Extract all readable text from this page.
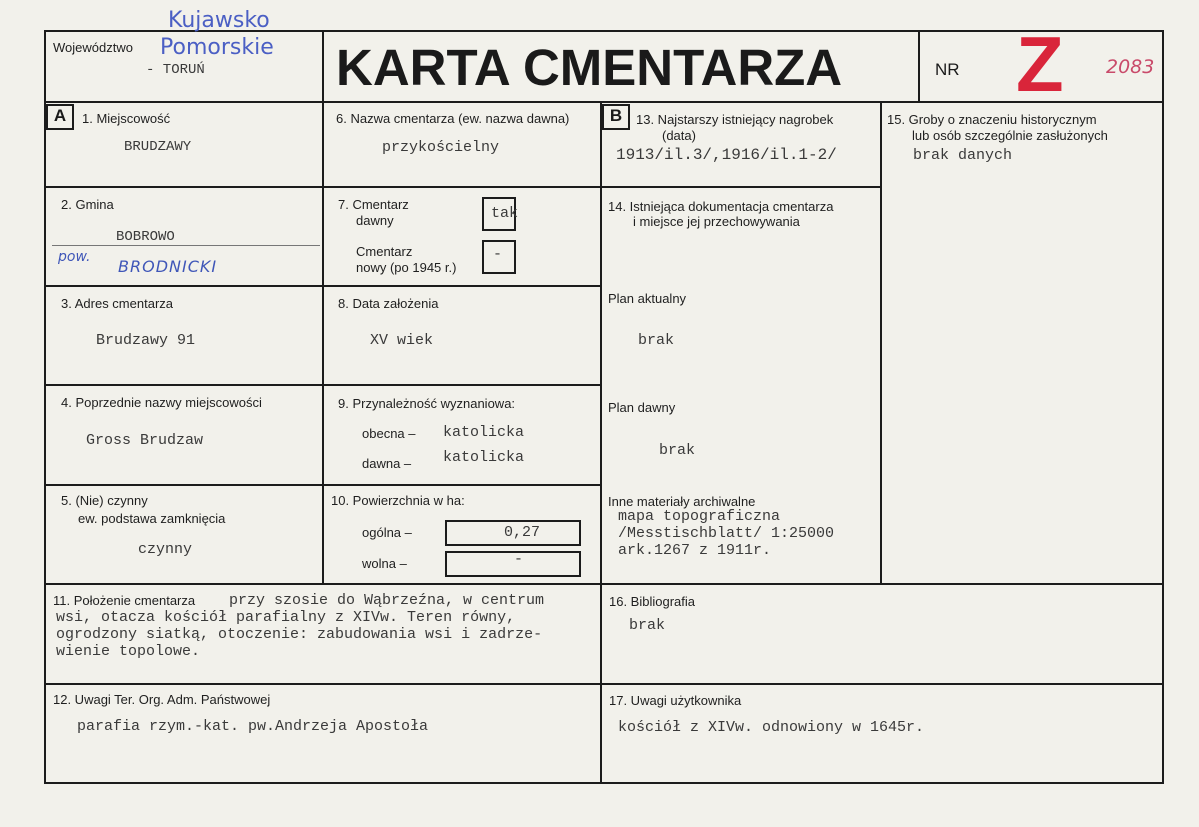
Województwo
Kujawsko
Pomorskie
- TORUŃ	KARTA CMENTARZA	NR Z 2083
A	B
1. Miejscowość
BRUDZAWY
2. Gmina
BOBROWO
pow. BRODNICKI
3. Adres cmentarza
Brudzawy 91
4. Poprzednie nazwy miejscowości
Gross Brudzaw
5. (Nie) czynny
ew. podstawa zamknięcia
czynny
6. Nazwa cmentarza (ew. nazwa dawna)
przykościelny
7. Cmentarz
dawny	tak
Cmentarz
nowy (po 1945 r.)
-
8. Data założenia
XV wiek
9. Przynależność wyznaniowa:
obecna – katolicka
dawna – katolicka
10. Powierzchnia w ha:
ogólna –	0,27
wolna –	-
11. Położenie cmentarza przy szosie do Wąbrzeźna, w centrum
wsi, otacza kościół parafialny z XIVw. Teren równy,
ogrodzony siatką, otoczenie: zabudowania wsi i zadrze-
wienie topolowe.
12. Uwagi Ter. Org. Adm. Państwowej
parafia rzym.-kat. pw.Andrzeja Apostoła
13. Najstarszy istniejący nagrobek
(data)
1913/il.3/,1916/il.1-2/
14. Istniejąca dokumentacja cmentarza
i miejsce jej przechowywania
Plan aktualny
brak
Plan dawny
brak
Inne materiały archiwalne
mapa topograficzna
/Messtischblatt/ 1:25000
ark.1267 z 1911r.
15. Groby o znaczeniu historycznym
lub osób szczególnie zasłużonych
brak danych
16. Bibliografia
brak
17. Uwagi użytkownika
kościół z XIVw. odnowiony w 1645r.
